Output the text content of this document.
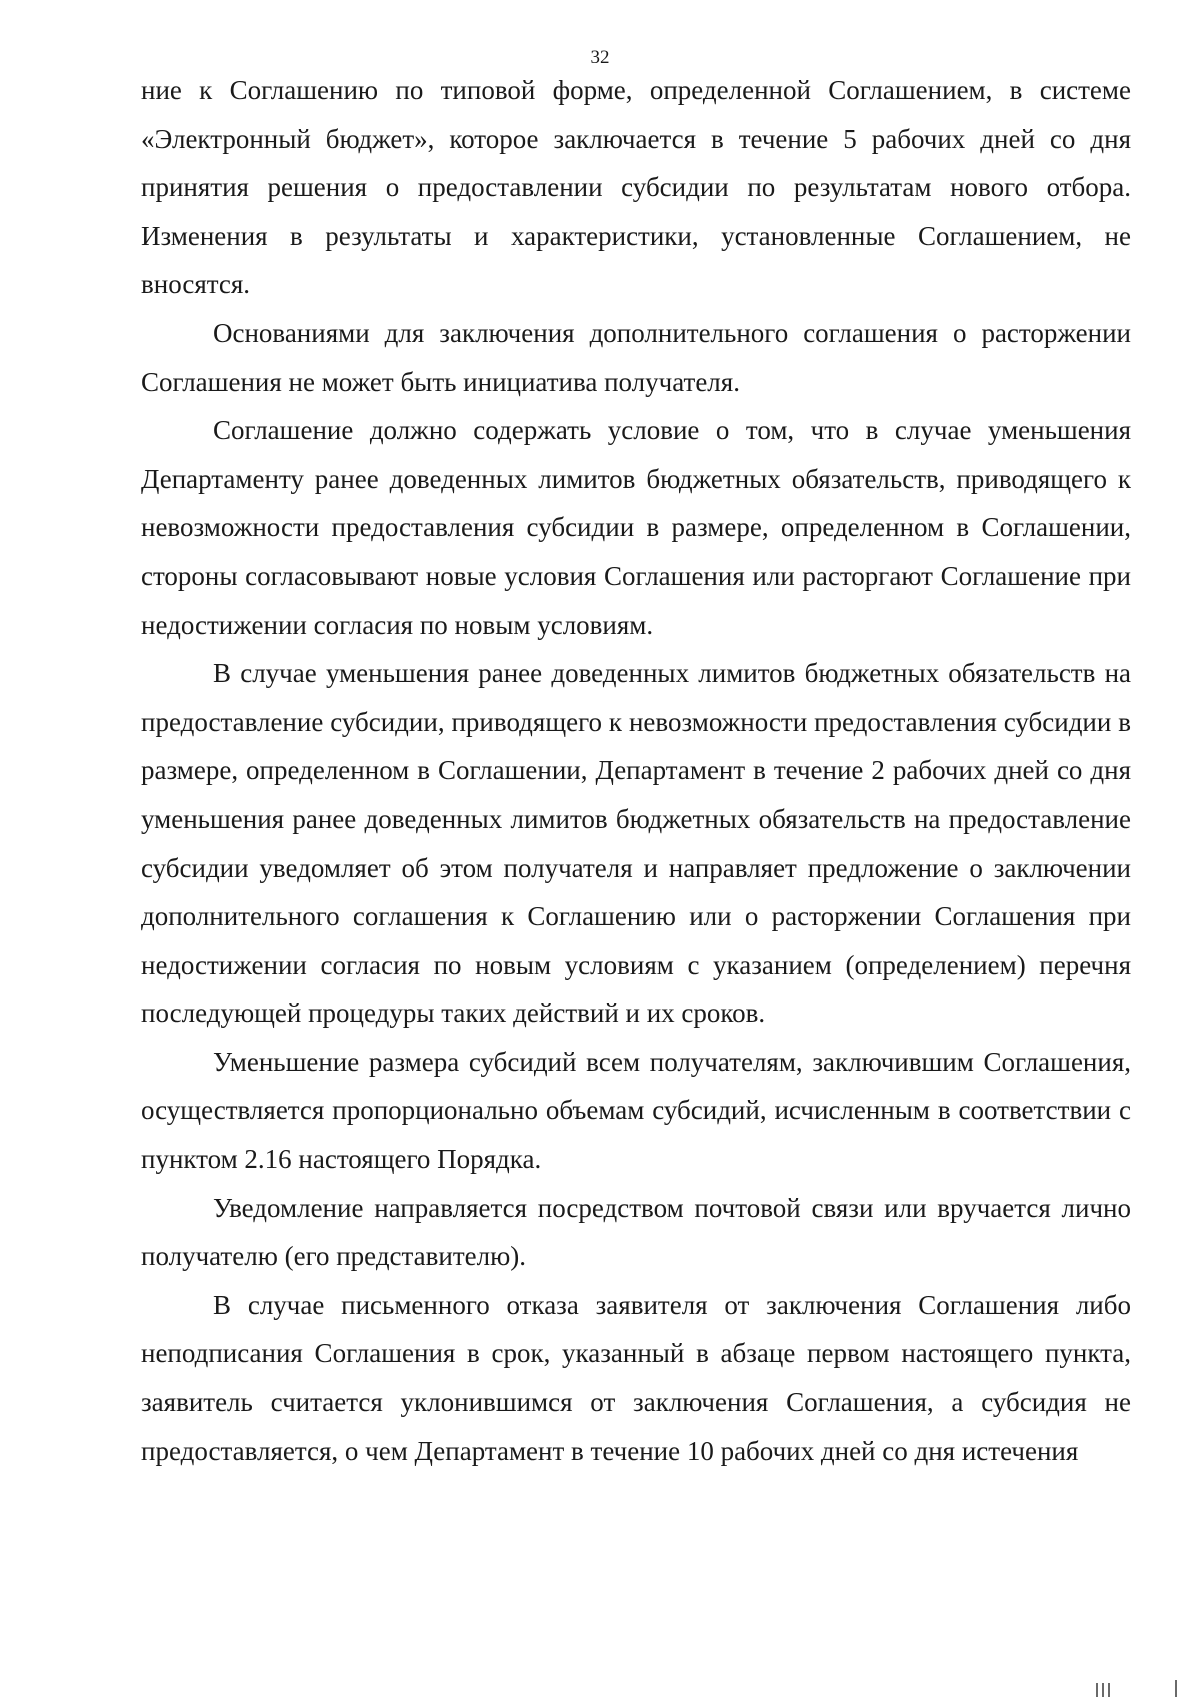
32

ние к Соглашению по типовой форме, определенной Соглашением, в системе «Электронный бюджет», которое заключается в течение 5 рабочих дней со дня принятия решения о предоставлении субсидии по результатам нового отбора. Изменения в результаты и характеристики, установленные Соглашением, не вносятся.

Основаниями для заключения дополнительного соглашения о расторжении Соглашения не может быть инициатива получателя.

Соглашение должно содержать условие о том, что в случае уменьшения Департаменту ранее доведенных лимитов бюджетных обязательств, приводящего к невозможности предоставления субсидии в размере, определенном в Соглашении, стороны согласовывают новые условия Соглашения или расторгают Соглашение при недостижении согласия по новым условиям.

В случае уменьшения ранее доведенных лимитов бюджетных обязательств на предоставление субсидии, приводящего к невозможности предоставления субсидии в размере, определенном в Соглашении, Департамент в течение 2 рабочих дней со дня уменьшения ранее доведенных лимитов бюджетных обязательств на предоставление субсидии уведомляет об этом получателя и направляет предложение о заключении дополнительного соглашения к Соглашению или о расторжении Соглашения при недостижении согласия по новым условиям с указанием (определением) перечня последующей процедуры таких действий и их сроков.

Уменьшение размера субсидий всем получателям, заключившим Соглашения, осуществляется пропорционально объемам субсидий, исчисленным в соответствии с пунктом 2.16 настоящего Порядка.

Уведомление направляется посредством почтовой связи или вручается лично получателю (его представителю).

В случае письменного отказа заявителя от заключения Соглашения либо неподписания Соглашения в срок, указанный в абзаце первом настоящего пункта, заявитель считается уклонившимся от заключения Соглашения, а субсидия не предоставляется, о чем Департамент в течение 10 рабочих дней со дня истечения
